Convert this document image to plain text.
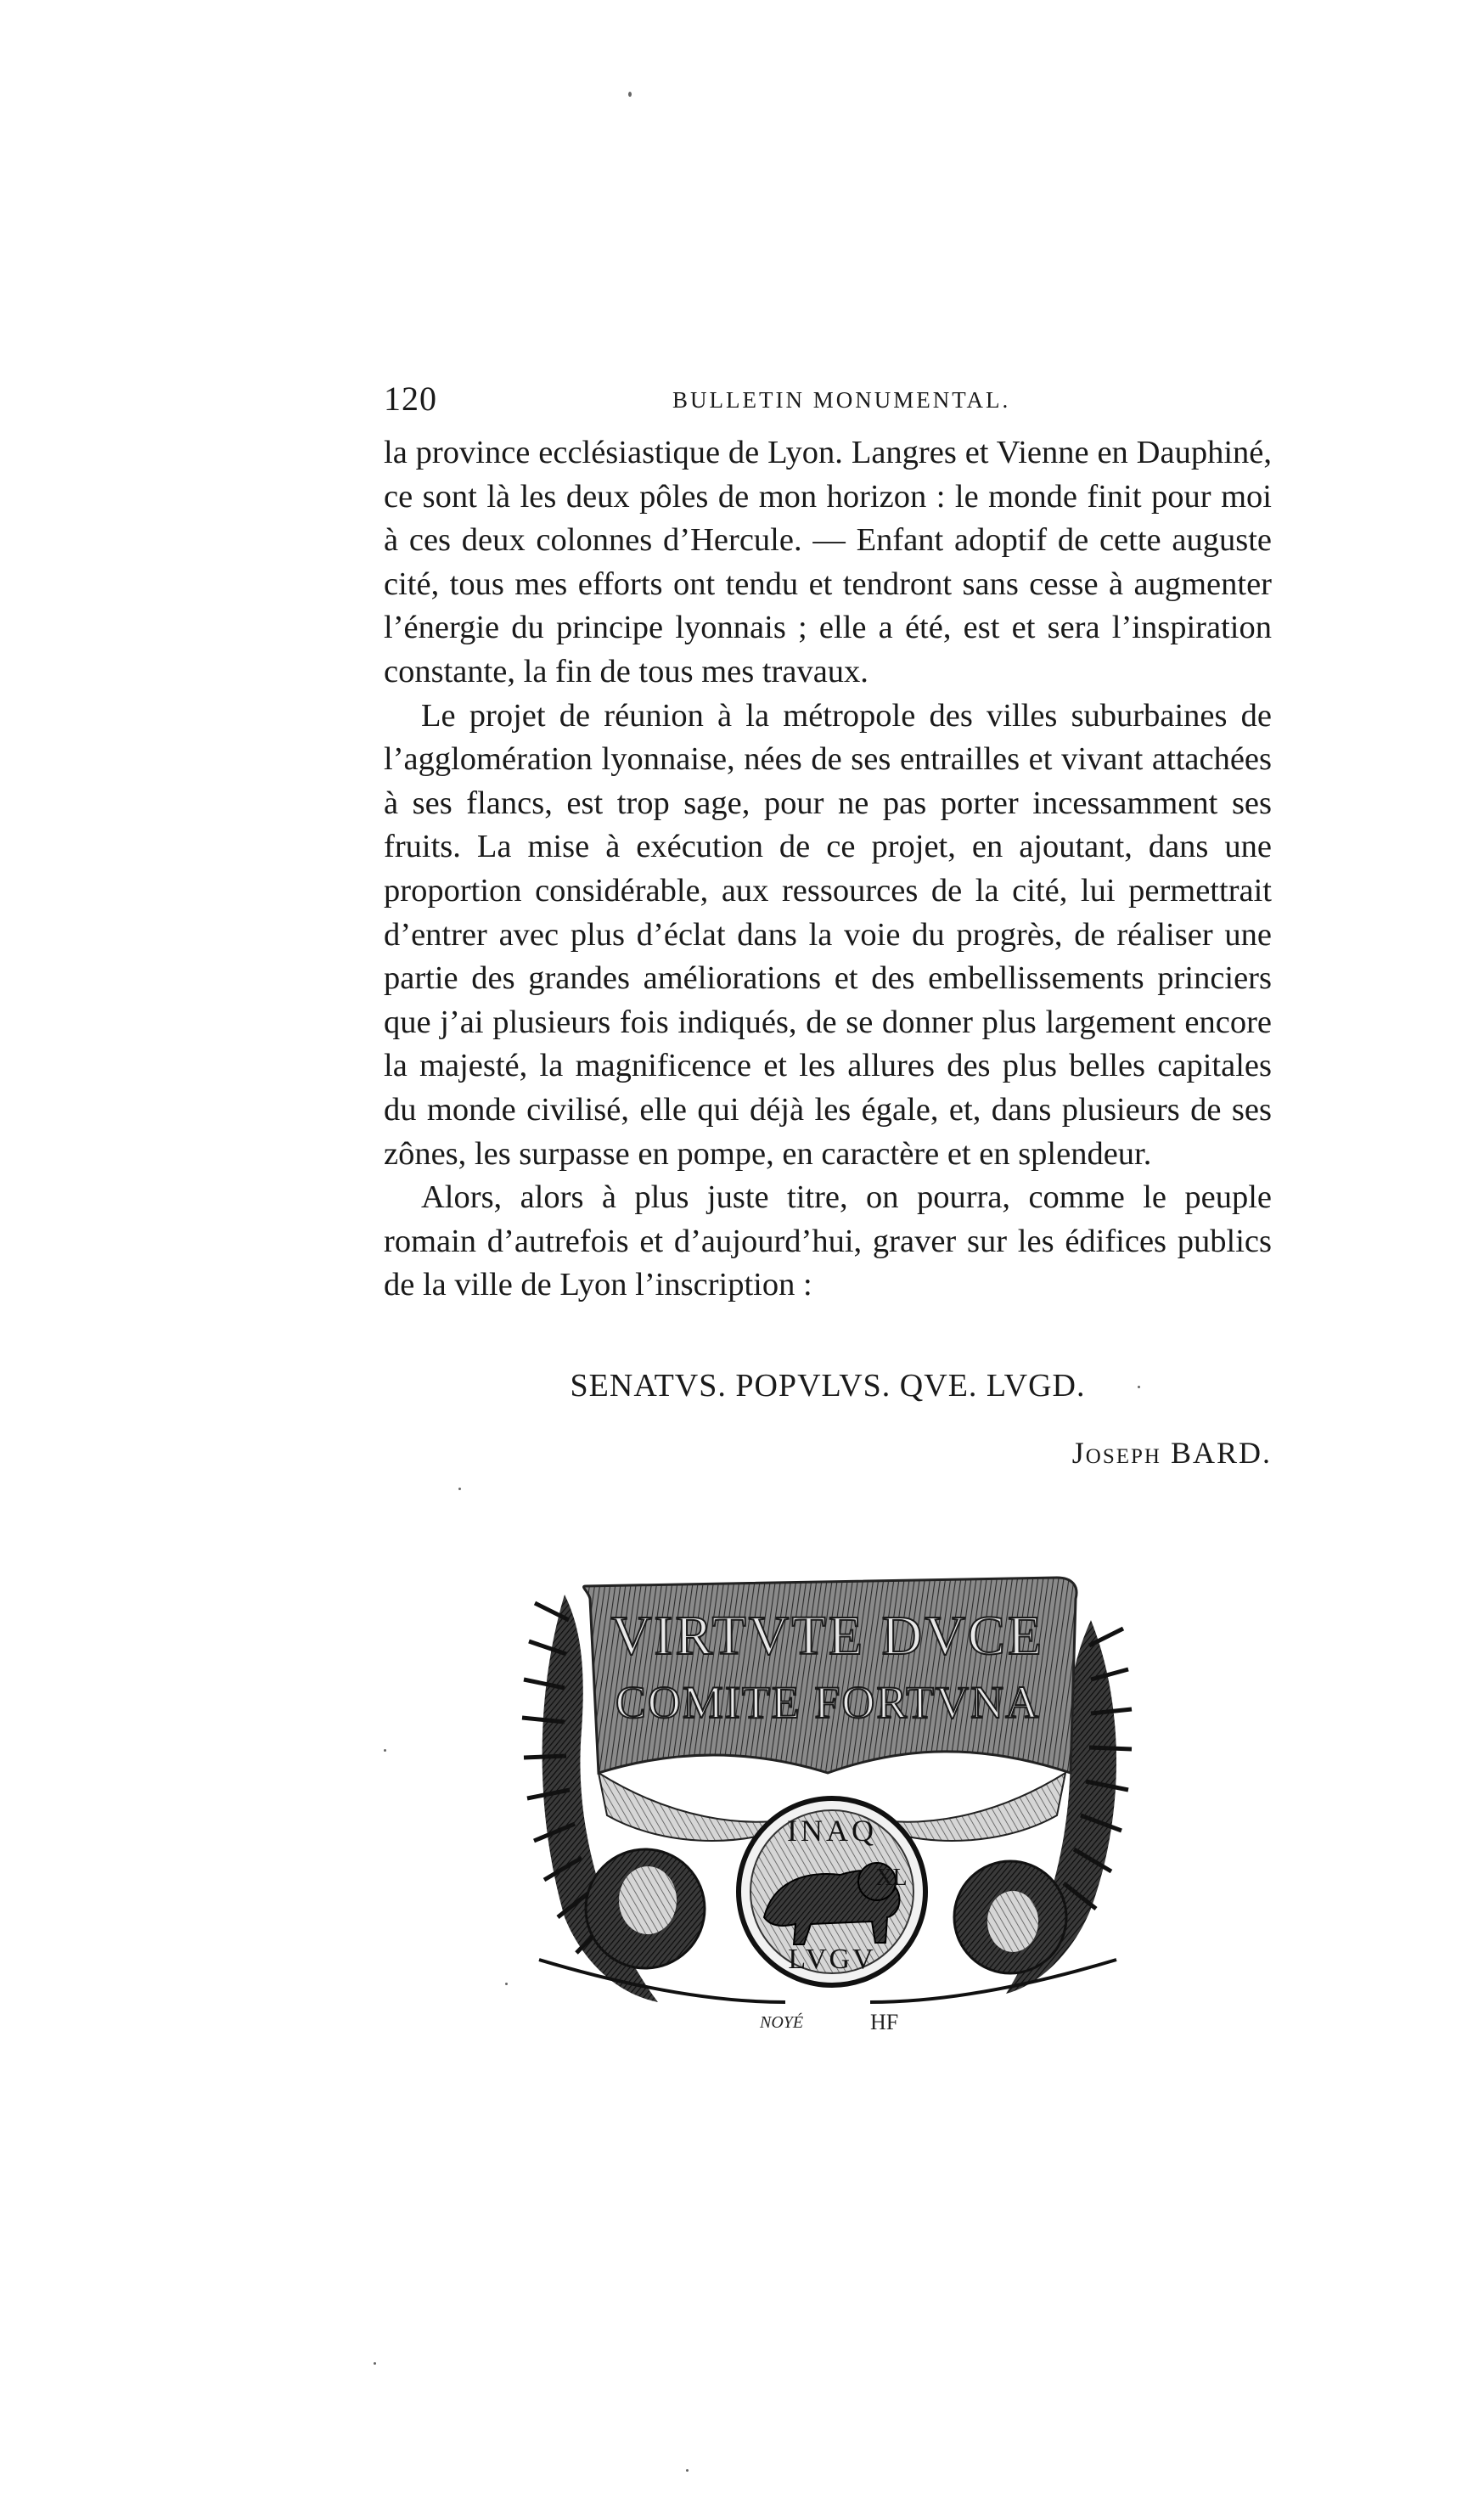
120	BULLETIN MONUMENTAL.

la province ecclésiastique de Lyon. Langres et Vienne en Dauphiné, ce sont là les deux pôles de mon horizon : le monde finit pour moi à ces deux colonnes d’Hercule. — Enfant adoptif de cette auguste cité, tous mes efforts ont tendu et tendront sans cesse à augmenter l’énergie du principe lyonnais ; elle a été, est et sera l’inspiration constante, la fin de tous mes travaux.

Le projet de réunion à la métropole des villes suburbaines de l’agglomération lyonnaise, nées de ses entrailles et vivant attachées à ses flancs, est trop sage, pour ne pas porter incessamment ses fruits. La mise à exécution de ce projet, en ajoutant, dans une proportion considérable, aux ressources de la cité, lui permettrait d’entrer avec plus d’éclat dans la voie du progrès, de réaliser une partie des grandes améliorations et des embellissements princiers que j’ai plusieurs fois indiqués, de se donner plus largement encore la majesté, la magnificence et les allures des plus belles capitales du monde civilisé, elle qui déjà les égale, et, dans plusieurs de ses zônes, les surpasse en pompe, en caractère et en splendeur.

Alors, alors à plus juste titre, on pourra, comme le peuple romain d’autrefois et d’aujourd’hui, graver sur les édifices publics de la ville de Lyon l’inscription :

SENATVS. POPVLVS. QVE. LVGD.
Joseph BARD.
VIRTVTE DVCE
COMITE FORTVNA
INAQ
XL
LVGV
NOYÉ	HF
